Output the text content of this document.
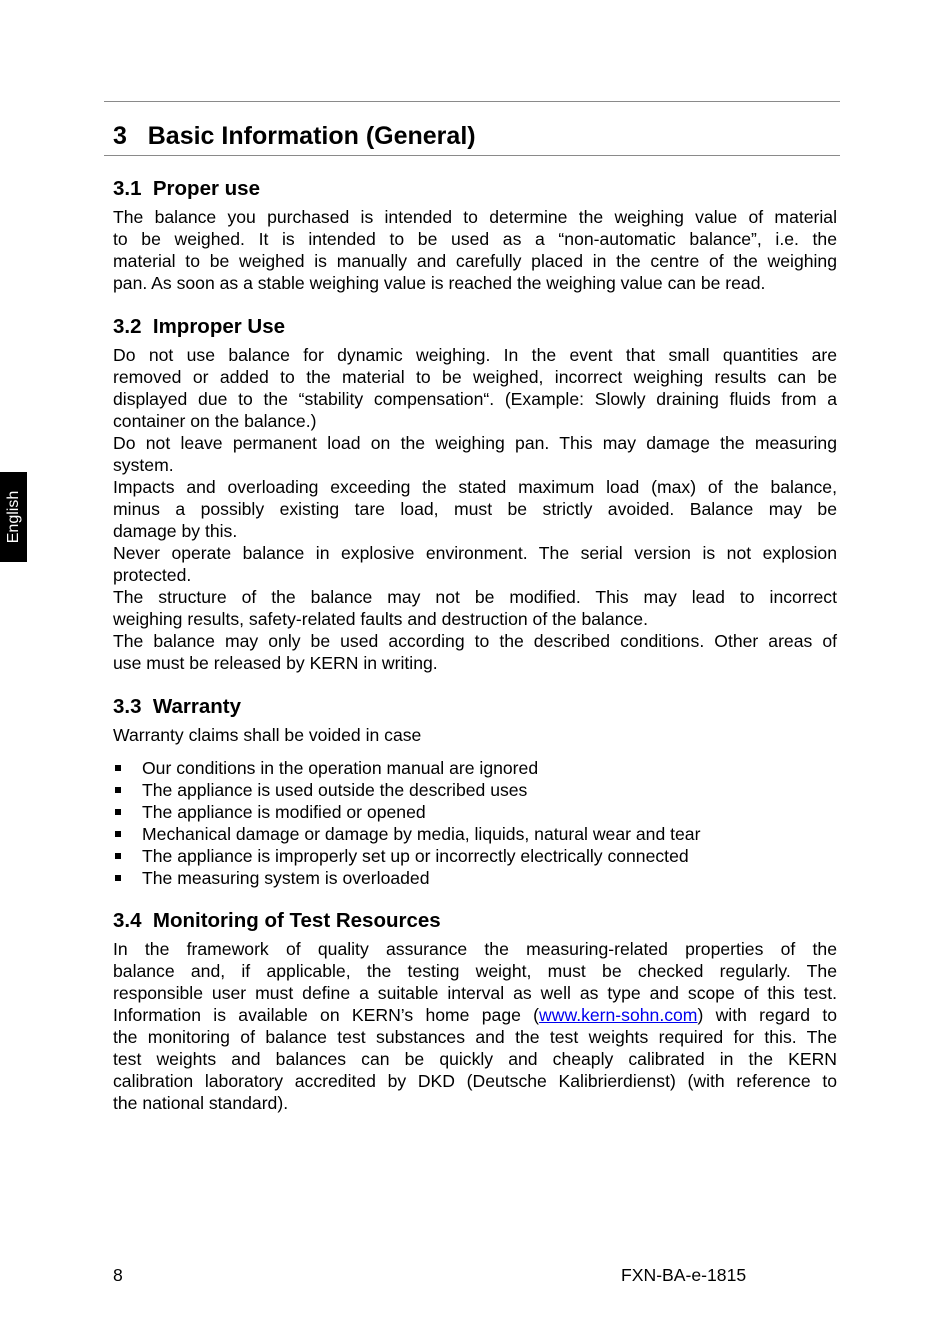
3   Basic Information (General)
English
3.1  Proper use
The balance you purchased is intended to determine the weighing value of material
to be weighed. It is intended to be used as a “non-automatic balance”, i.e. the
material to be weighed is manually and carefully placed in the centre of the weighing
pan. As soon as a stable weighing value is reached the weighing value can be read.
3.2  Improper Use
Do not use balance for dynamic weighing. In the event that small quantities are
removed or added to the material to be weighed, incorrect weighing results can be
displayed due to the “stability compensation“. (Example: Slowly draining fluids from a
container on the balance.)
Do not leave permanent load on the weighing pan. This may damage the measuring
system.
Impacts and overloading exceeding the stated maximum load (max) of the balance,
minus a possibly existing tare load, must be strictly avoided. Balance may be
damage by this.
Never operate balance in explosive environment. The serial version is not explosion
protected.
The structure of the balance may not be modified. This may lead to incorrect
weighing results, safety-related faults and destruction of the balance.
The balance may only be used according to the described conditions. Other areas of
use must be released by KERN in writing.
3.3  Warranty
Warranty claims shall be voided in case
Our conditions in the operation manual are ignored
The appliance is used outside the described uses
The appliance is modified or opened
Mechanical damage or damage by media, liquids, natural wear and tear
The appliance is improperly set up or incorrectly electrically connected
The measuring system is overloaded
3.4  Monitoring of Test Resources
In the framework of quality assurance the measuring-related properties of the
balance and, if applicable, the testing weight, must be checked regularly. The
responsible user must define a suitable interval as well as type and scope of this test.
Information is available on KERN’s home page (www.kern-sohn.com) with regard to
the monitoring of balance test substances and the test weights required for this. The
test weights and balances can be quickly and cheaply calibrated in the KERN
calibration laboratory accredited by DKD (Deutsche Kalibrierdienst) (with reference to
the national standard).
8	FXN-BA-e-1815
